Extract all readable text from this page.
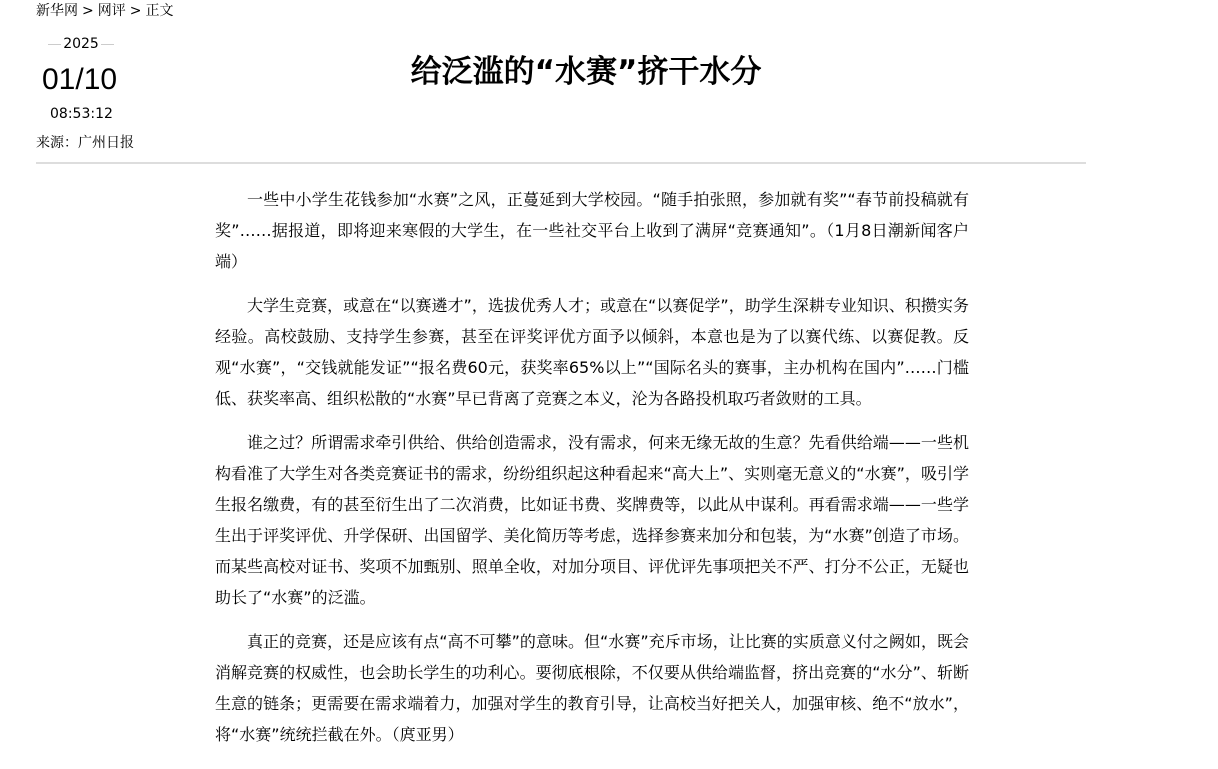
新华网 > 网评 > 正文
2025
01/10
08:53:12
来源：广州日报
给泛滥的“水赛”挤干水分

一些中小学生花钱参加“水赛”之风，正蔓延到大学校园。“随手拍张照，参加就有奖”“春节前投稿就有奖”……据报道，即将迎来寒假的大学生，在一些社交平台上收到了满屏“竞赛通知”。（1月8日潮新闻客户端）

大学生竞赛，或意在“以赛遴才”，选拔优秀人才；或意在“以赛促学”，助学生深耕专业知识、积攒实务经验。高校鼓励、支持学生参赛，甚至在评奖评优方面予以倾斜，本意也是为了以赛代练、以赛促教。反观“水赛”，“交钱就能发证”“报名费60元，获奖率65%以上”“国际名头的赛事，主办机构在国内”……门槛低、获奖率高、组织松散的“水赛”早已背离了竞赛之本义，沦为各路投机取巧者敛财的工具。

谁之过？所谓需求牵引供给、供给创造需求，没有需求，何来无缘无故的生意？先看供给端——一些机构看准了大学生对各类竞赛证书的需求，纷纷组织起这种看起来“高大上”、实则毫无意义的“水赛”，吸引学生报名缴费，有的甚至衍生出了二次消费，比如证书费、奖牌费等，以此从中谋利。再看需求端——一些学生出于评奖评优、升学保研、出国留学、美化简历等考虑，选择参赛来加分和包装，为“水赛”创造了市场。而某些高校对证书、奖项不加甄别、照单全收，对加分项目、评优评先事项把关不严、打分不公正，无疑也助长了“水赛”的泛滥。

真正的竞赛，还是应该有点“高不可攀”的意味。但“水赛”充斥市场，让比赛的实质意义付之阙如，既会消解竞赛的权威性，也会助长学生的功利心。要彻底根除，不仅要从供给端监督，挤出竞赛的“水分”、斩断生意的链条；更需要在需求端着力，加强对学生的教育引导，让高校当好把关人，加强审核、绝不“放水”，将“水赛”统统拦截在外。（庹亚男）
